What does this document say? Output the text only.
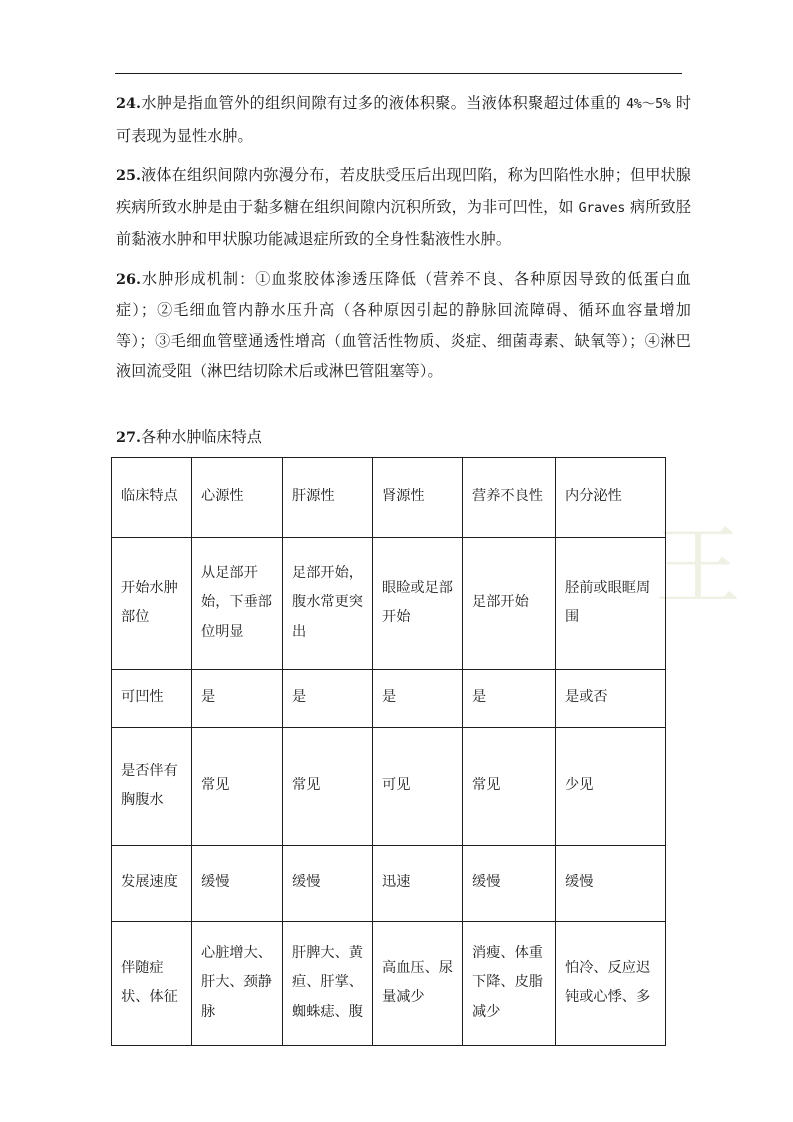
王

24.水肿是指血管外的组织间隙有过多的液体积聚。当液体积聚超过体重的 4%～5% 时可表现为显性水肿。

25.液体在组织间隙内弥漫分布，若皮肤受压后出现凹陷，称为凹陷性水肿；但甲状腺疾病所致水肿是由于黏多糖在组织间隙内沉积所致，为非可凹性，如 Graves 病所致胫前黏液水肿和甲状腺功能减退症所致的全身性黏液性水肿。

26.水肿形成机制：①血浆胶体渗透压降低（营养不良、各种原因导致的低蛋白血症）；②毛细血管内静水压升高（各种原因引起的静脉回流障碍、循环血容量增加等）；③毛细血管壁通透性增高（血管活性物质、炎症、细菌毒素、缺氧等）；④淋巴液回流受阻（淋巴结切除术后或淋巴管阻塞等）。

27.各种水肿临床特点
临床特点	心源性	肝源性	肾源性	营养不良性	内分泌性
开始水肿部位	从足部开始，下垂部位明显	足部开始，腹水常更突出	眼睑或足部开始	足部开始	胫前或眼眶周围
可凹性	是	是	是	是	是或否
是否伴有胸腹水	常见	常见	可见	常见	少见
发展速度	缓慢	缓慢	迅速	缓慢	缓慢
伴随症状、体征	心脏增大、肝大、颈静脉	肝脾大、黄疸、肝掌、蜘蛛痣、腹	高血压、尿量减少	消瘦、体重下降、皮脂减少	怕冷、反应迟钝或心悸、多
